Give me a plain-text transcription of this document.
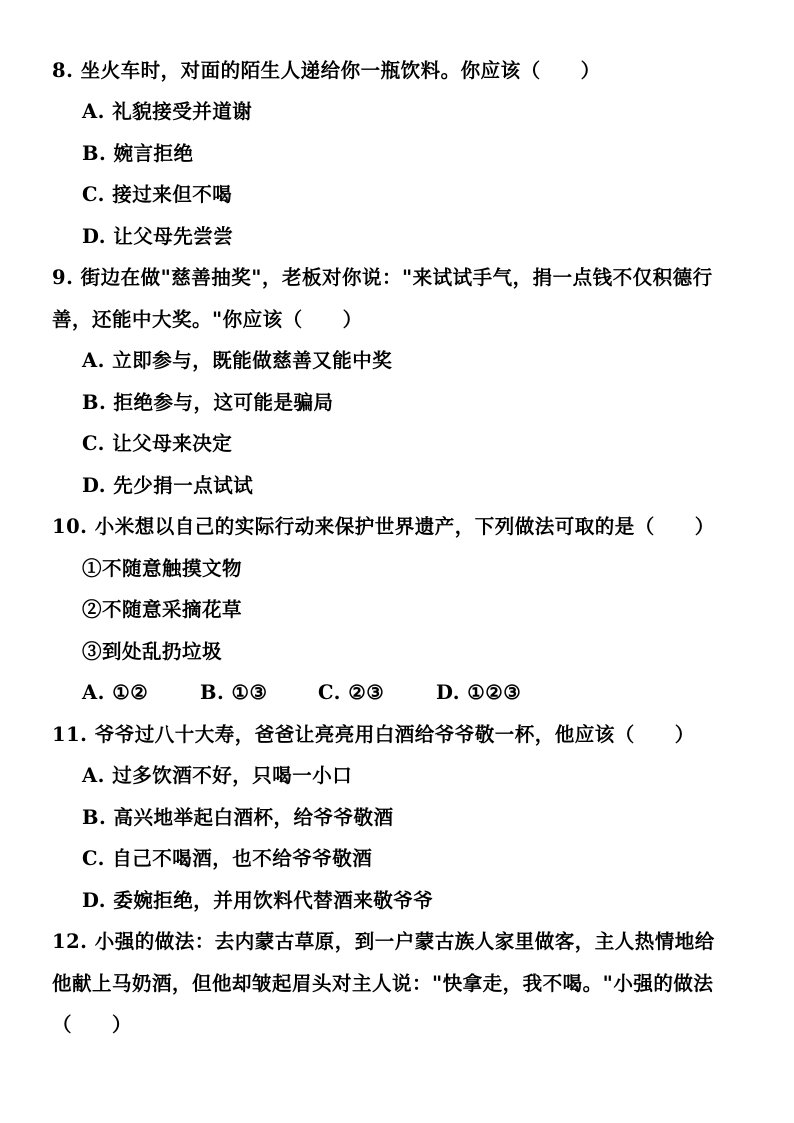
8. 坐火车时，对面的陌生人递给你一瓶饮料。你应该（　　）
A. 礼貌接受并道谢
B. 婉言拒绝
C. 接过来但不喝
D. 让父母先尝尝
9. 街边在做"慈善抽奖"，老板对你说："来试试手气，捐一点钱不仅积德行
善，还能中大奖。"你应该（　　）
A. 立即参与，既能做慈善又能中奖
B. 拒绝参与，这可能是骗局
C. 让父母来决定
D. 先少捐一点试试
10. 小米想以自己的实际行动来保护世界遗产，下列做法可取的是（　　）
①不随意触摸文物
②不随意采摘花草
③到处乱扔垃圾
A. ①②	B. ①③	C. ②③	D. ①②③
11. 爷爷过八十大寿，爸爸让亮亮用白酒给爷爷敬一杯，他应该（　　）
A. 过多饮酒不好，只喝一小口
B. 高兴地举起白酒杯，给爷爷敬酒
C. 自己不喝酒，也不给爷爷敬酒
D. 委婉拒绝，并用饮料代替酒来敬爷爷
12. 小强的做法：去内蒙古草原，到一户蒙古族人家里做客，主人热情地给
他献上马奶酒，但他却皱起眉头对主人说："快拿走，我不喝。"小强的做法
（　　）
